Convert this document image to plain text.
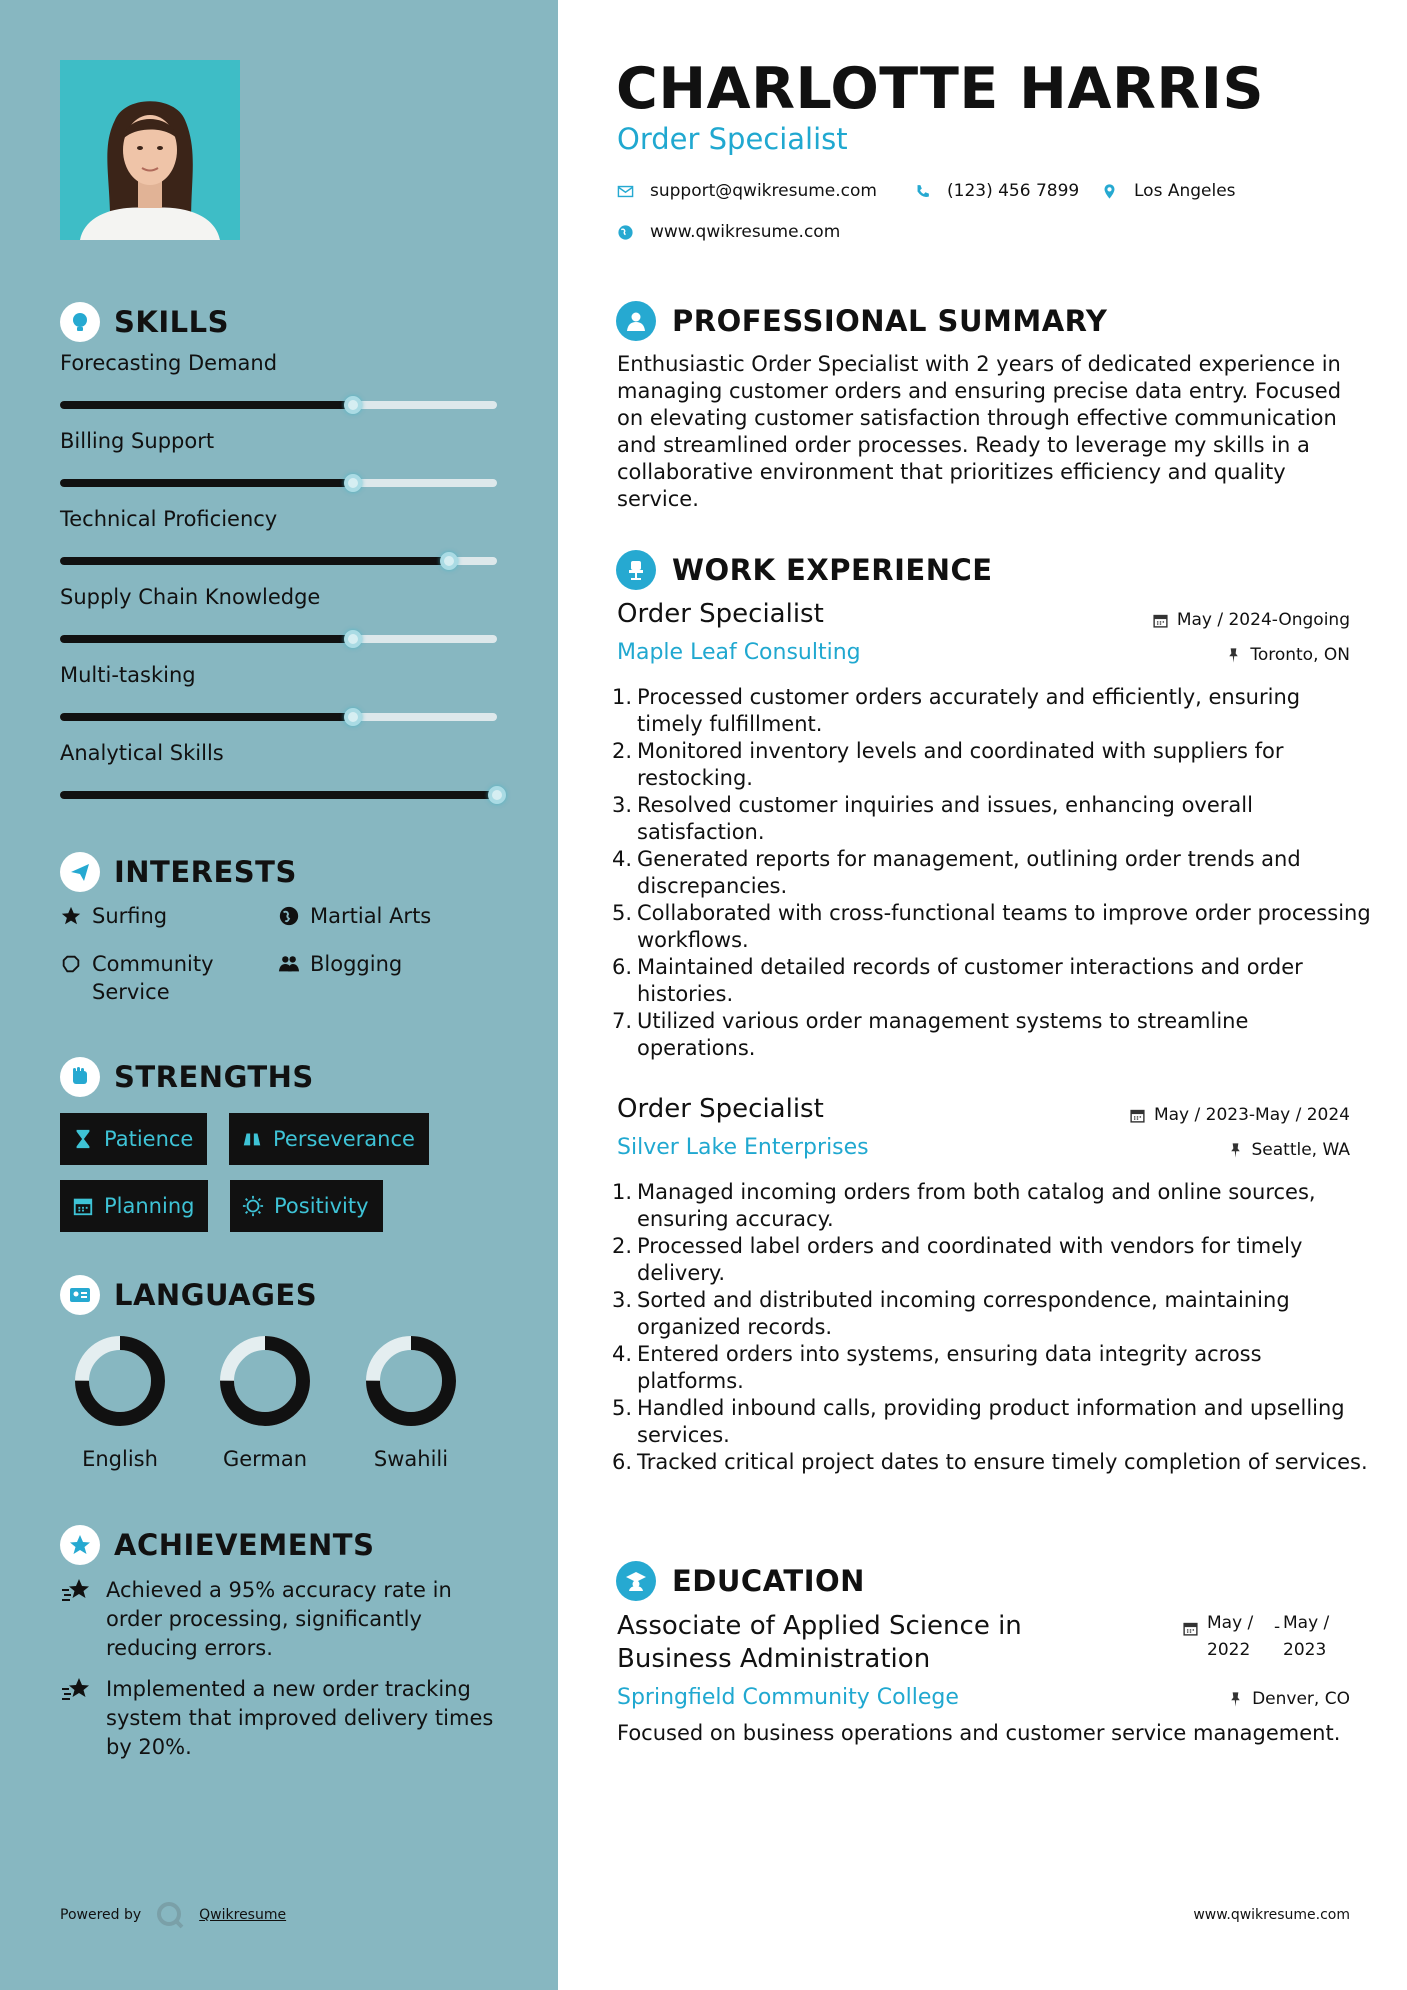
SKILLS
Forecasting Demand
Billing Support
Technical Proficiency
Supply Chain Knowledge
Multi-tasking
Analytical Skills
INTERESTS
Surfing	Martial Arts
Community Service
Blogging
STRENGTHS
Patience	Perseverance
Planning	Positivity
LANGUAGES
English	German	Swahili
ACHIEVEMENTS
Achieved a 95% accuracy rate in order processing, significantly reducing errors.
Implemented a new order tracking system that improved delivery times by 20%.
Powered by	Qwikresume
CHARLOTTE HARRIS
Order Specialist
support@qwikresume.com	(123) 456 7899	Los Angeles
www.qwikresume.com
PROFESSIONAL SUMMARY

Enthusiastic Order Specialist with 2 years of dedicated experience in managing customer orders and ensuring precise data entry. Focused on elevating customer satisfaction through effective communication and streamlined order processes. Ready to leverage my skills in a collaborative environment that prioritizes efficiency and quality service.

WORK EXPERIENCE
Order Specialist	May / 2024-Ongoing
Maple Leaf Consulting	Toronto, ON
1. Processed customer orders accurately and efficiently, ensuring timely fulfillment.
2. Monitored inventory levels and coordinated with suppliers for restocking.
3. Resolved customer inquiries and issues, enhancing overall satisfaction.
4. Generated reports for management, outlining order trends and discrepancies.
5. Collaborated with cross-functional teams to improve order processing workflows.
6. Maintained detailed records of customer interactions and order histories.
7. Utilized various order management systems to streamline operations.
Order Specialist	May / 2023-May / 2024
Silver Lake Enterprises	Seattle, WA
1. Managed incoming orders from both catalog and online sources, ensuring accuracy.
2. Processed label orders and coordinated with vendors for timely delivery.
3. Sorted and distributed incoming correspondence, maintaining organized records.
4. Entered orders into systems, ensuring data integrity across platforms.
5. Handled inbound calls, providing product information and upselling services.
6. Tracked critical project dates to ensure timely completion of services.
EDUCATION
Associate of Applied Science in Business Administration
May / 2022
- May / 2023
Springfield Community College	Denver, CO

Focused on business operations and customer service management.

www.qwikresume.com
